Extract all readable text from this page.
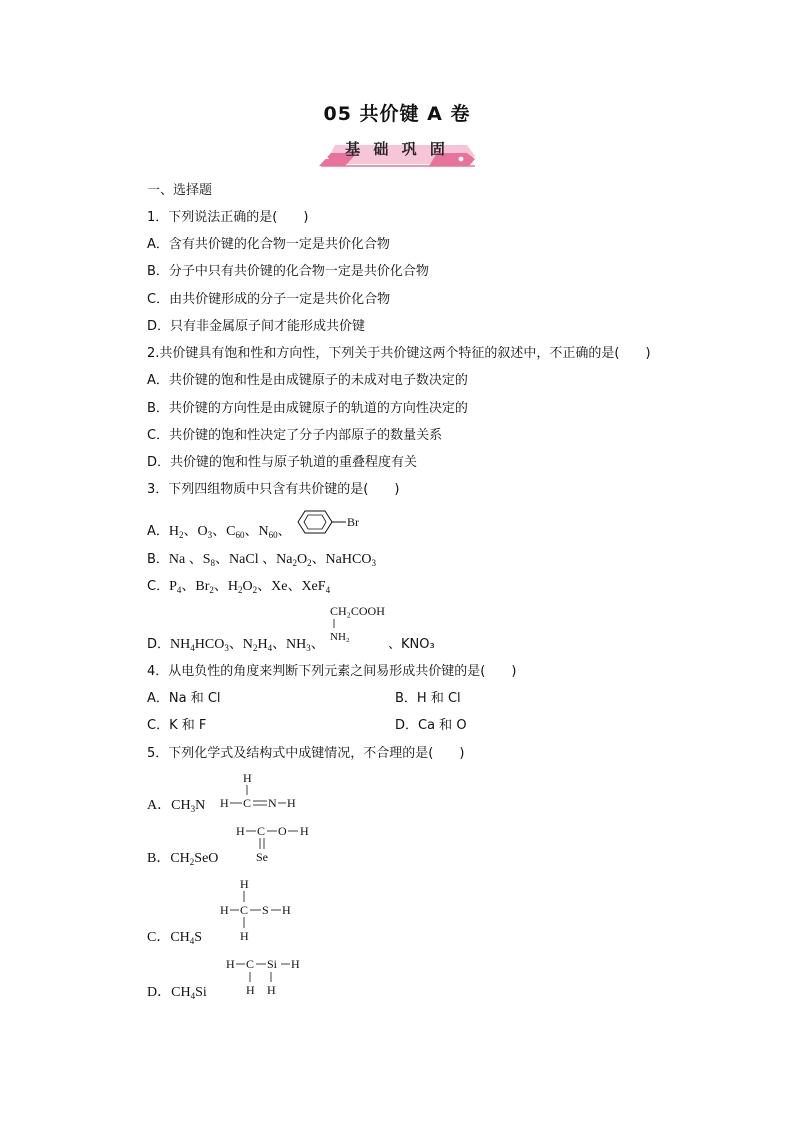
05 共价键 A 卷
基 础 巩 固
一、选择题
1．下列说法正确的是(　　)
A．含有共价键的化合物一定是共价化合物
B．分子中只有共价键的化合物一定是共价化合物
C．由共价键形成的分子一定是共价化合物
D．只有非金属原子间才能形成共价键
2.共价键具有饱和性和方向性，下列关于共价键这两个特征的叙述中，不正确的是(　　)
A．共价键的饱和性是由成键原子的未成对电子数决定的
B．共价键的方向性是由成键原子的轨道的方向性决定的
C．共价键的饱和性决定了分子内部原子的数量关系
D．共价键的饱和性与原子轨道的重叠程度有关
3．下列四组物质中只含有共价键的是(　　)
A．$H_2$、$O_3$、$C_{60}$、$N_{60}$、
Br
B．Na 、$S_8$、NaCl 、$Na_2O_2$、NaHCO$_3$
C．$P_4$、$Br_2$、$H_2O_2$、Xe、XeF$_4$
CH₂COOH
NH₂
D．$NH_4HCO_3$、$N_2H_4$、$NH_3$、	、KNO₃
4．从电负性的角度来判断下列元素之间易形成共价键的是(　　)
A．Na 和 Cl	B．H 和 Cl
C．K 和 F	D．Ca 和 O
5．下列化学式及结构式中成键情况，不合理的是(　　)
A．$CH_3N$
H
H C N H
H C O H
Se
B．$CH_2SeO$
H
H C S H
H
C．$CH_4S$
H C Si H
H H
D．$CH_4Si$
